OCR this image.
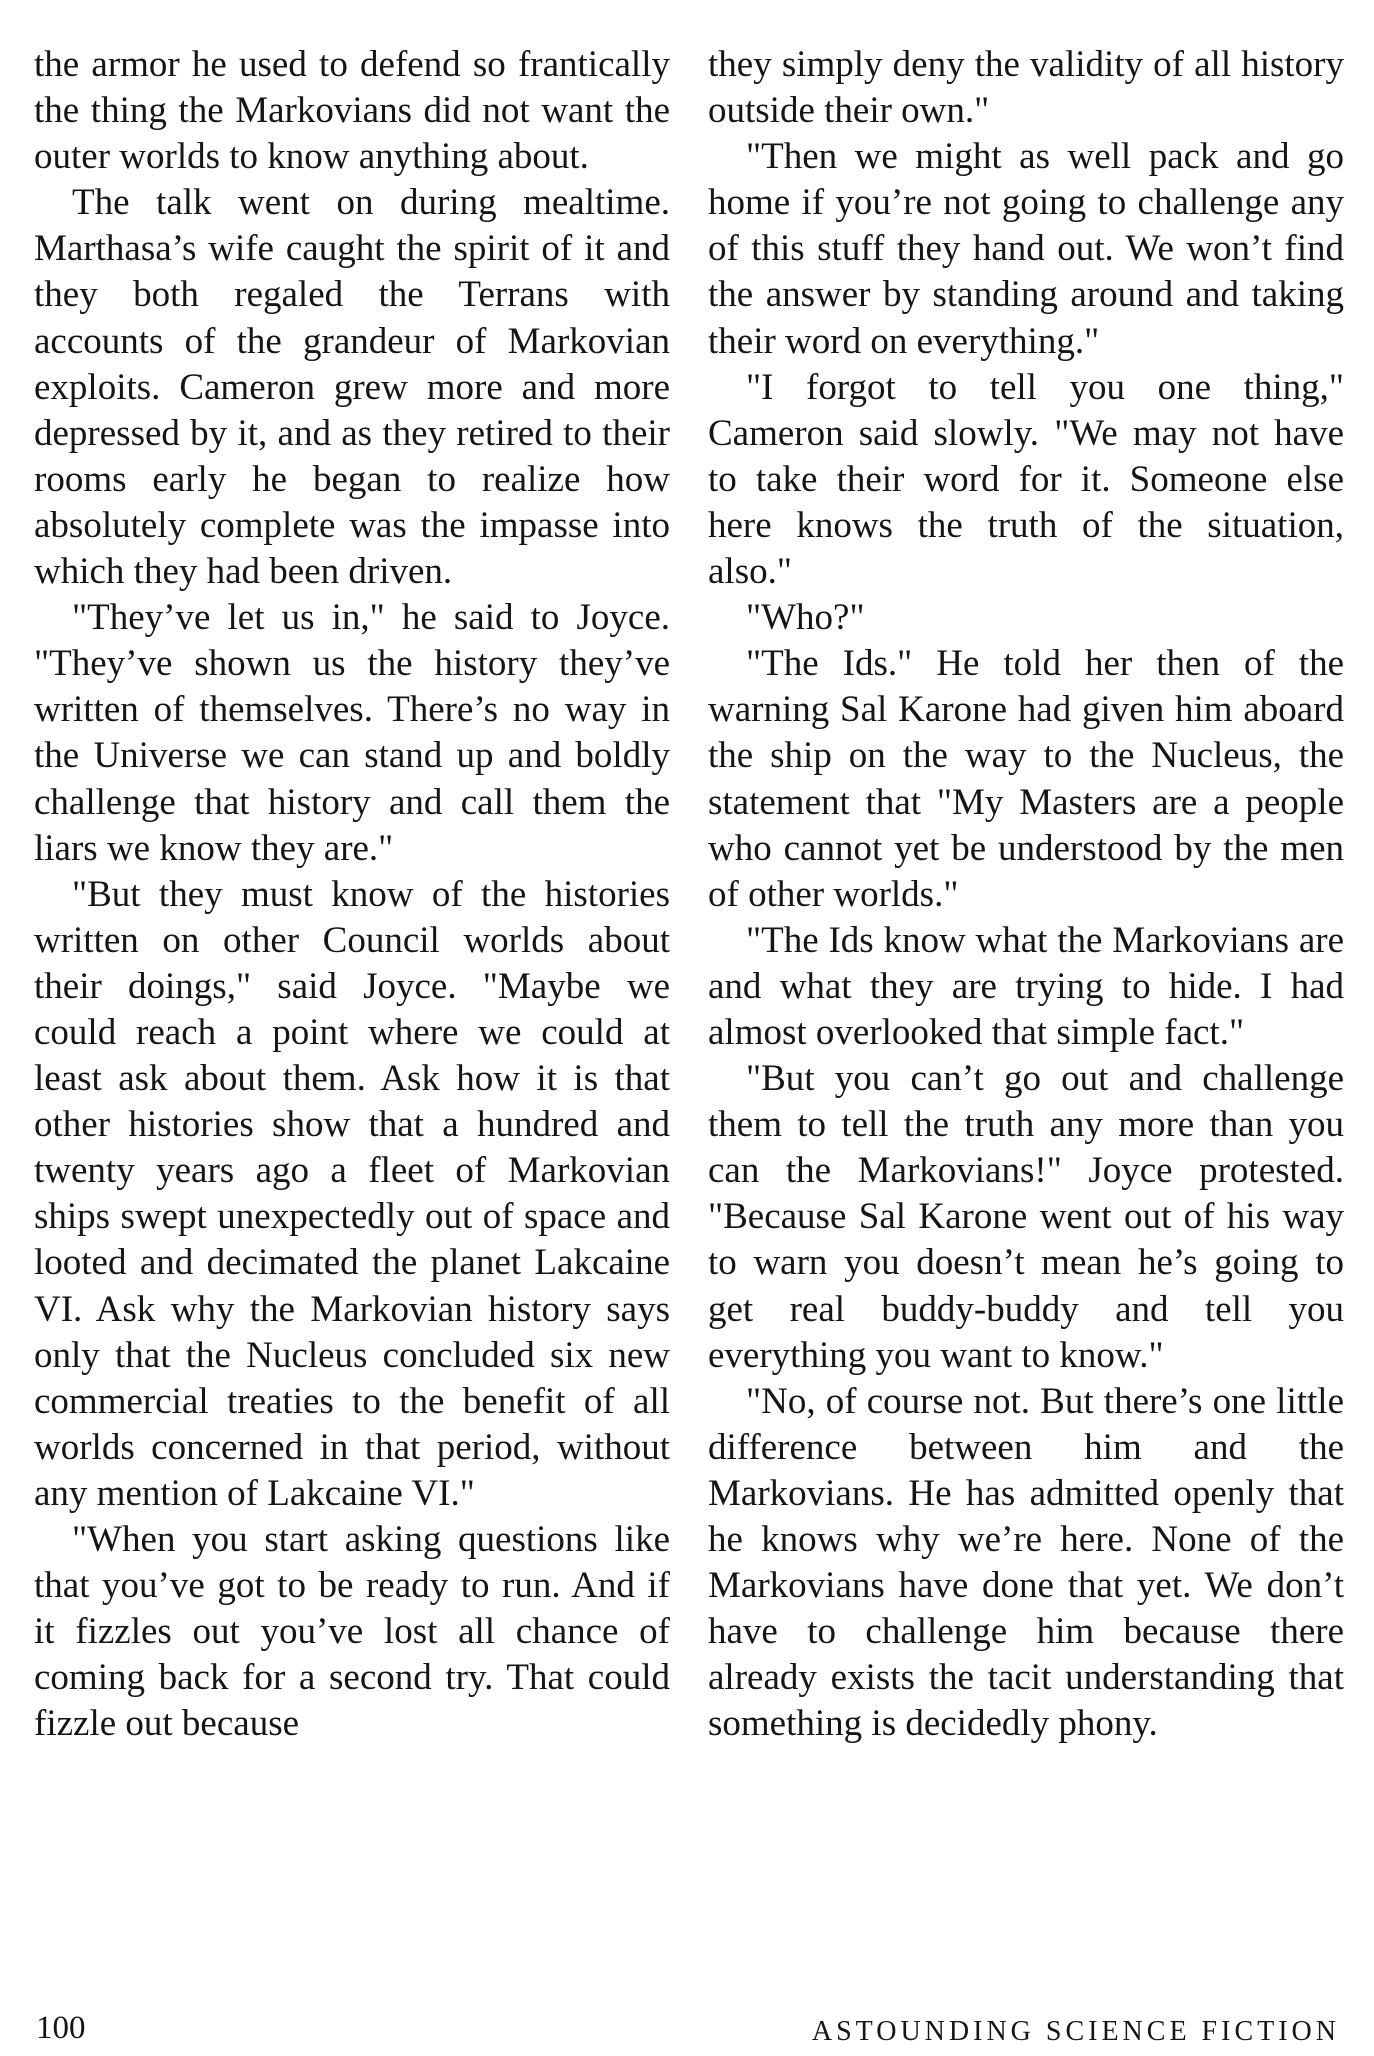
the armor he used to defend so frantically the thing the Markovians did not want the outer worlds to know anything about.

The talk went on during mealtime. Marthasa’s wife caught the spirit of it and they both regaled the Terrans with accounts of the grandeur of Markovian exploits. Cameron grew more and more depressed by it, and as they retired to their rooms early he began to realize how absolutely complete was the impasse into which they had been driven.

"They’ve let us in," he said to Joyce. "They’ve shown us the history they’ve written of themselves. There’s no way in the Universe we can stand up and boldly challenge that history and call them the liars we know they are."

"But they must know of the histories written on other Council worlds about their doings," said Joyce. "Maybe we could reach a point where we could at least ask about them. Ask how it is that other histories show that a hundred and twenty years ago a fleet of Markovian ships swept unexpectedly out of space and looted and decimated the planet Lakcaine VI. Ask why the Markovian history says only that the Nucleus concluded six new commercial treaties to the benefit of all worlds concerned in that period, without any mention of Lakcaine VI."

"When you start asking questions like that you’ve got to be ready to run. And if it fizzles out you’ve lost all chance of coming back for a second try. That could fizzle out because

they simply deny the validity of all history outside their own."

"Then we might as well pack and go home if you’re not going to challenge any of this stuff they hand out. We won’t find the answer by standing around and taking their word on everything."

"I forgot to tell you one thing," Cameron said slowly. "We may not have to take their word for it. Someone else here knows the truth of the situation, also."

"Who?"

"The Ids." He told her then of the warning Sal Karone had given him aboard the ship on the way to the Nucleus, the statement that "My Masters are a people who cannot yet be understood by the men of other worlds."

"The Ids know what the Markovians are and what they are trying to hide. I had almost overlooked that simple fact."

"But you can’t go out and challenge them to tell the truth any more than you can the Markovians!" Joyce protested. "Because Sal Karone went out of his way to warn you doesn’t mean he’s going to get real buddy-buddy and tell you everything you want to know."

"No, of course not. But there’s one little difference between him and the Markovians. He has admitted openly that he knows why we’re here. None of the Markovians have done that yet. We don’t have to challenge him because there already exists the tacit understanding that something is decidedly phony.

100	ASTOUNDING SCIENCE FICTION
